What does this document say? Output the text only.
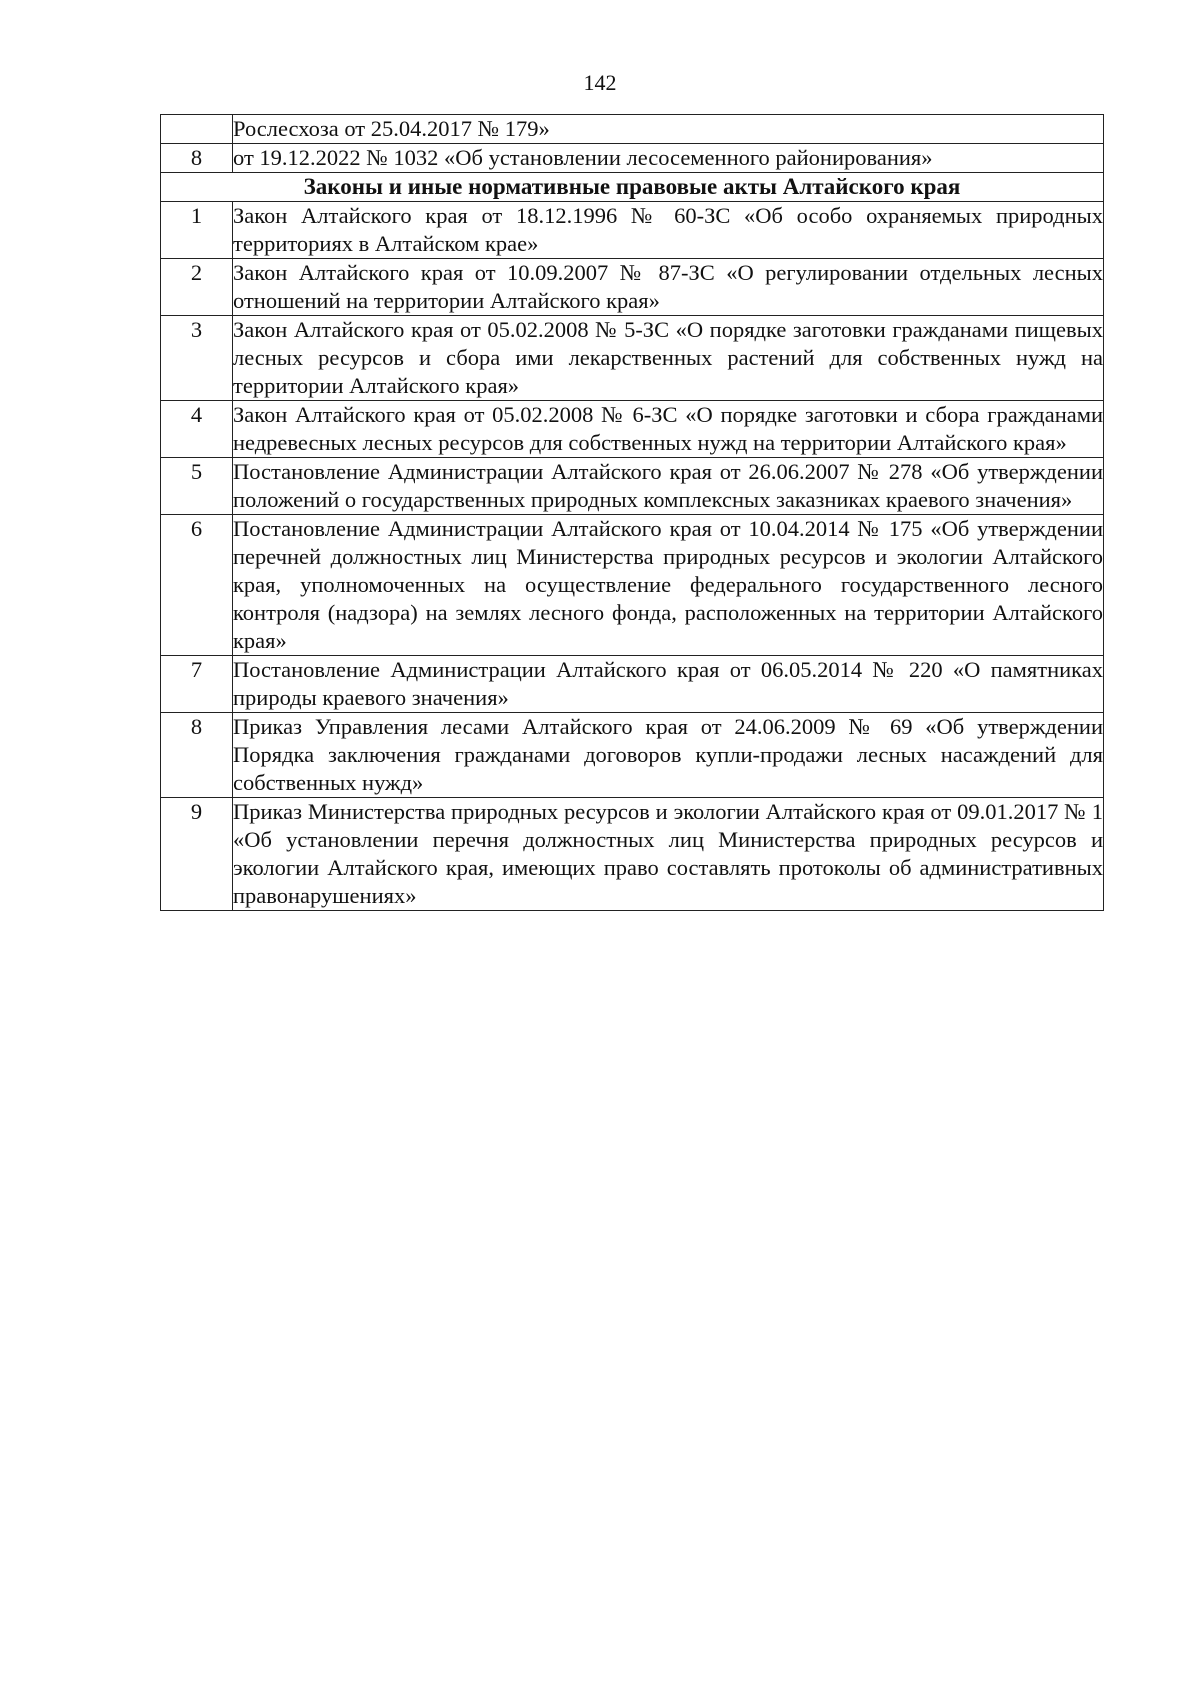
142
	Рослесхоза от 25.04.2017 № 179»
8	от 19.12.2022 № 1032 «Об установлении лесосеменного районирования»
Законы и иные нормативные правовые акты Алтайского края	
1	Закон Алтайского края от 18.12.1996 № 60-ЗС «Об особо охраняемых природных территориях в Алтайском крае»
2	Закон Алтайского края от 10.09.2007 № 87-ЗС «О регулировании отдельных лесных отношений на территории Алтайского края»
3	Закон Алтайского края от 05.02.2008 № 5-ЗС «О порядке заготовки гражданами пищевых лесных ресурсов и сбора ими лекарственных растений для собственных нужд на территории Алтайского края»
4	Закон Алтайского края от 05.02.2008 № 6-ЗС «О порядке заготовки и сбора гражданами недревесных лесных ресурсов для собственных нужд на территории Алтайского края»
5	Постановление Администрации Алтайского края от 26.06.2007 № 278 «Об утверждении положений о государственных природных комплексных заказниках краевого значения»
6	Постановление Администрации Алтайского края от 10.04.2014 № 175 «Об утверждении перечней должностных лиц Министерства природных ресурсов и экологии Алтайского края, уполномоченных на осуществление федерального государственного лесного контроля (надзора) на землях лесного фонда, расположенных на территории Алтайского края»
7	Постановление Администрации Алтайского края от 06.05.2014 № 220 «О памятниках природы краевого значения»
8	Приказ Управления лесами Алтайского края от 24.06.2009 № 69 «Об утверждении Порядка заключения гражданами договоров купли-продажи лесных насаждений для собственных нужд»
9	Приказ Министерства природных ресурсов и экологии Алтайского края от 09.01.2017 № 1 «Об установлении перечня должностных лиц Министерства природных ресурсов и экологии Алтайского края, имеющих право составлять протоколы об административных правонарушениях»
